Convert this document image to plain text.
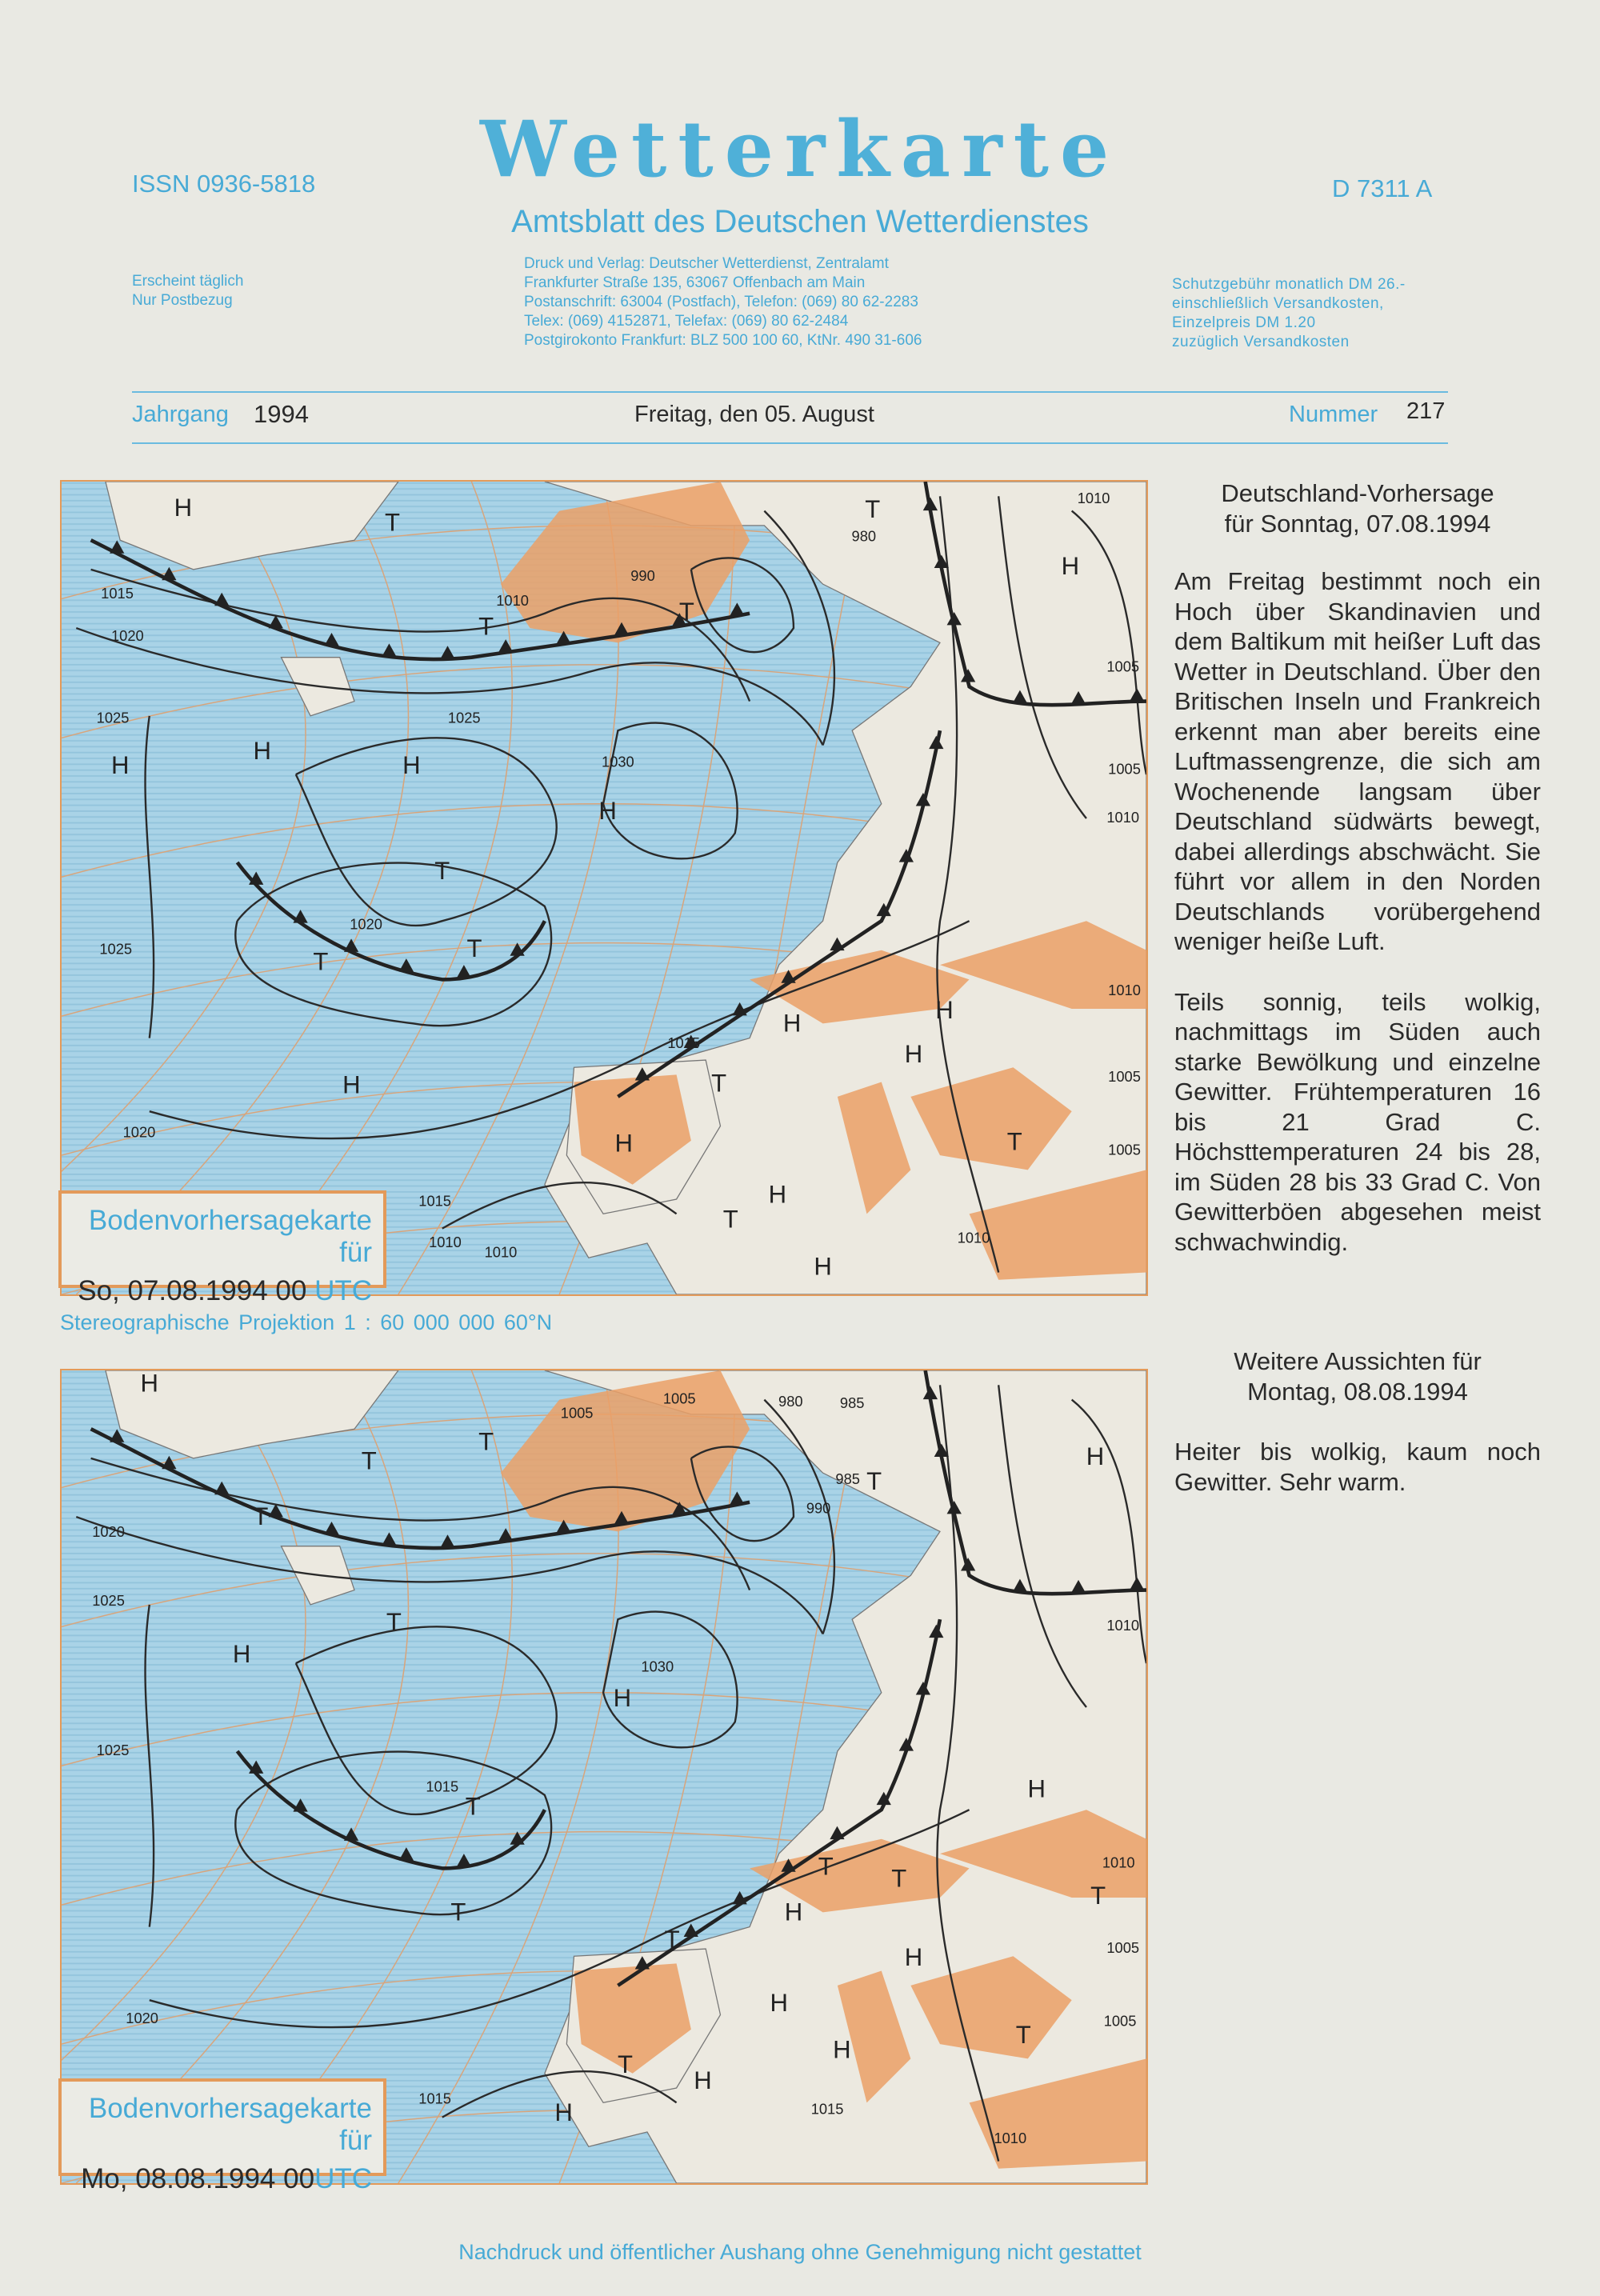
Wetterkarte
Amtsblatt des Deutschen Wetterdienstes
ISSN 0936-5818	D 7311 A
Erscheint täglich
Nur Postbezug
Druck und Verlag: Deutscher Wetterdienst, Zentralamt
Frankfurter Straße 135, 63067 Offenbach am Main
Postanschrift: 63004 (Postfach), Telefon: (069) 80 62-2283
Telex: (069) 4152871, Telefax: (069) 80 62-2484
Postgirokonto Frankfurt: BLZ 500 100 60, KtNr. 490 31-606
Schutzgebühr monatlich DM 26.-
einschließlich Versandkosten,
Einzelpreis DM 1.20
zuzüglich Versandkosten
Jahrgang 1994	Freitag, den 05. August	Nummer 217
H
T
1015
1020
1010
T
990
980
T
T
H
1025
H
H
H
1025
1030
H
T
1020
T	T
1025
H
1020
1015
T
H	H
H
H
H
T
H
T
1005
1005
1010
1010
1005
1005
1010
1015
1010
1010
1010
Bodenvorhersagekarte für
So, 07.08.1994 00 UTC
Stereographische Projektion 1 : 60 000 000 60°N
H
1005
1005	980	985
T
T
T	990
985 T
H
1020
1025
T
H	1030
H
1010
1025
1015
T
H
T	H
T	T
T
H
1010
T
1005
1020
H
H
T
H
1015
H
1015
T
1005
1010
Bodenvorhersagekarte für
Mo, 08.08.1994 00UTC

Deutschland-Vorhersage
für Sonntag, 07.08.1994

Am Freitag bestimmt noch ein Hoch über Skandinavien und dem Baltikum mit heißer Luft das Wetter in Deutschland. Über den Britischen Inseln und Frankreich erkennt man aber bereits eine Luftmassengrenze, die sich am Wochenende langsam über Deutschland südwärts bewegt, dabei allerdings abschwächt. Sie führt vor allem in den Norden Deutschlands vorübergehend weniger heiße Luft.

Teils sonnig, teils wolkig, nachmittags im Süden auch starke Bewölkung und einzelne Gewitter. Frühtemperaturen 16 bis 21 Grad C. Höchsttemperaturen 24 bis 28, im Süden 28 bis 33 Grad C. Von Gewitterböen abgesehen meist schwachwindig.

Weitere Aussichten für
Montag, 08.08.1994

Heiter bis wolkig, kaum noch Gewitter. Sehr warm.

Nachdruck und öffentlicher Aushang ohne Genehmigung nicht gestattet
